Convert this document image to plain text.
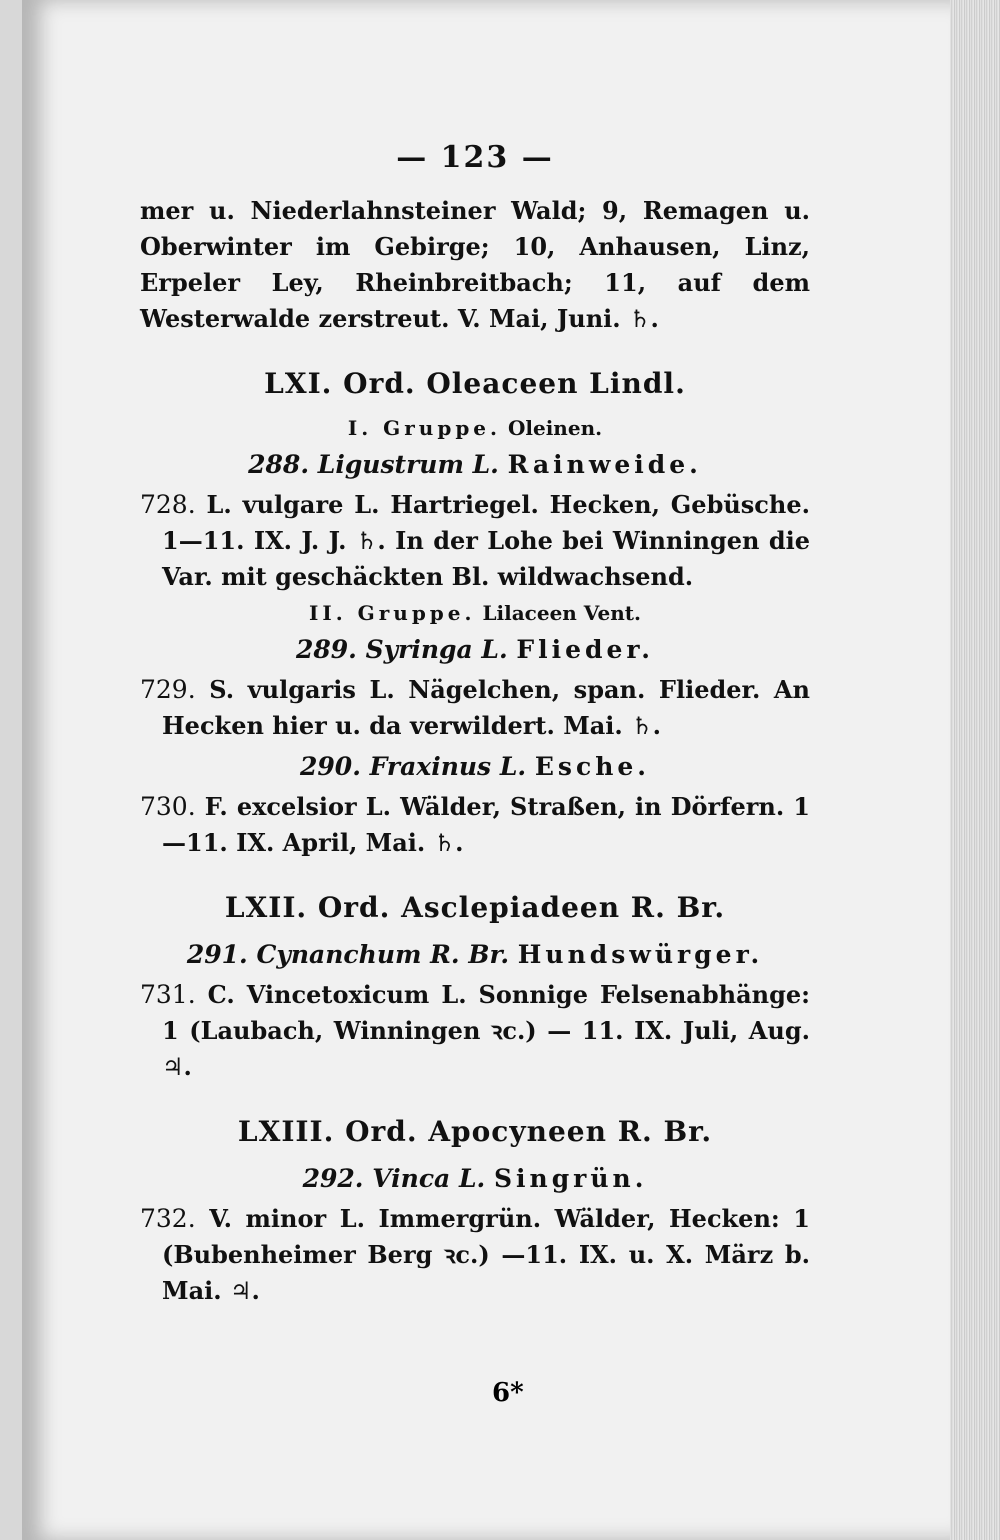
— 123 —

mer u. Niederlahnsteiner Wald; 9, Remagen u. Oberwinter im Gebirge; 10, Anhausen, Linz, Erpeler Ley, Rheinbreitbach; 11, auf dem Westerwalde zerstreut. V. Mai, Juni. ♄.

LXI. Ord. Oleaceen Lindl.
I. Gruppe. Oleinen.
288. Ligustrum L. Rainweide.

728. L. vulgare L. Hartriegel. Hecken, Gebüsche. 1—11. IX. J. J. ♄. In der Lohe bei Winningen die Var. mit geschäckten Bl. wildwachsend.

II. Gruppe. Lilaceen Vent.
289. Syringa L. Flieder.

729. S. vulgaris L. Nägelchen, span. Flieder. An Hecken hier u. da verwildert. Mai. ♄.

290. Fraxinus L. Esche.

730. F. excelsior L. Wälder, Straßen, in Dörfern. 1—11. IX. April, Mai. ♄.

LXII. Ord. Asclepiadeen R. Br.
291. Cynanchum R. Br. Hundswürger.

731. C. Vincetoxicum L. Sonnige Felsenabhänge: 1 (Laubach, Winningen ꝛc.) — 11. IX. Juli, Aug. ♃.

LXIII. Ord. Apocyneen R. Br.
292. Vinca L. Singrün.

732. V. minor L. Immergrün. Wälder, Hecken: 1 (Bubenheimer Berg ꝛc.) —11. IX. u. X. März b. Mai. ♃.

6*
